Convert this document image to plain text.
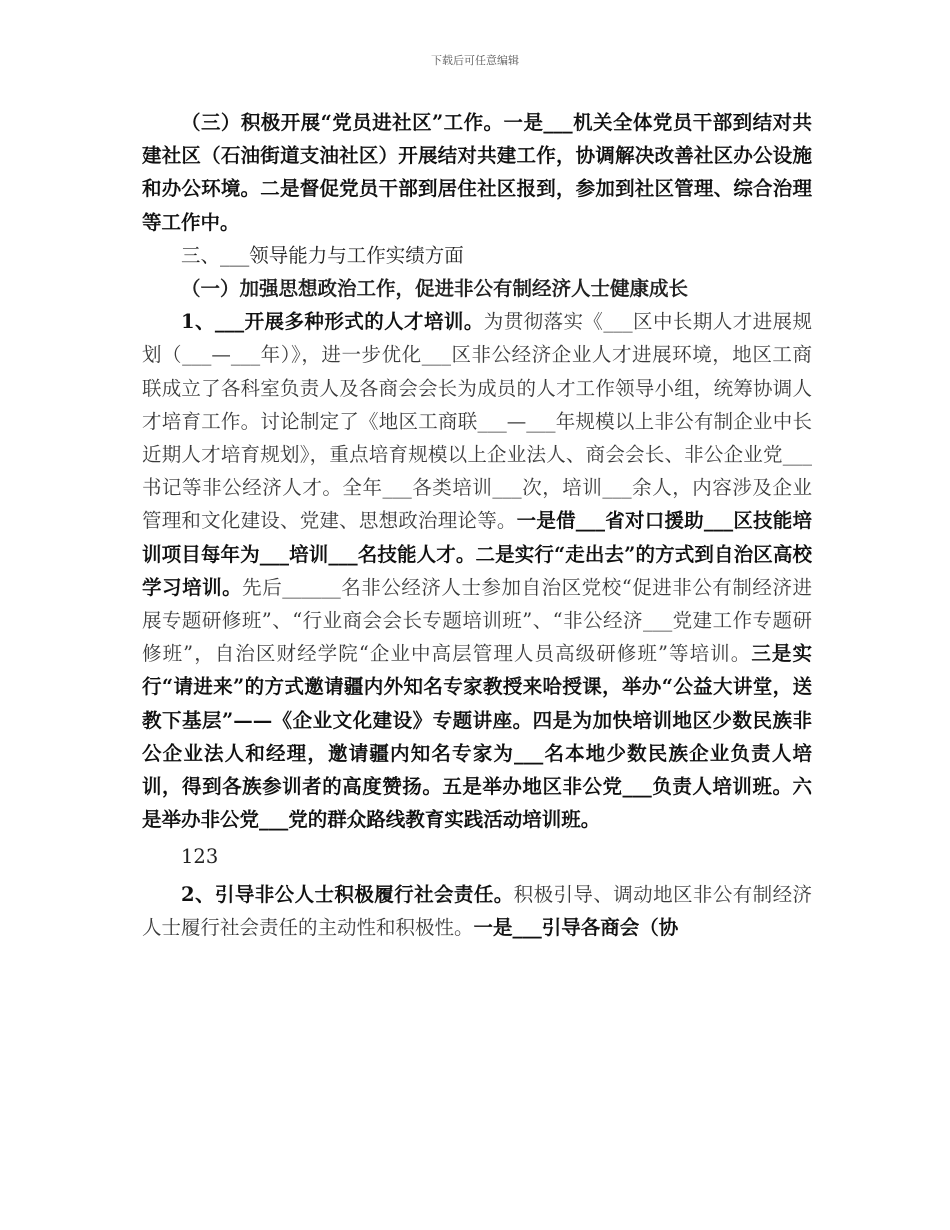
下载后可任意编辑

（三）积极开展“党员进社区”工作。一是___机关全体党员干部到结对共建社区（石油街道支油社区）开展结对共建工作，协调解决改善社区办公设施和办公环境。二是督促党员干部到居住社区报到，参加到社区管理、综合治理等工作中。

三、___领导能力与工作实绩方面

（一）加强思想政治工作，促进非公有制经济人士健康成长

1、___开展多种形式的人才培训。为贯彻落实《___区中长期人才进展规划（___—___年）》，进一步优化___区非公经济企业人才进展环境，地区工商联成立了各科室负责人及各商会会长为成员的人才工作领导小组，统筹协调人才培育工作。讨论制定了《地区工商联___—___年规模以上非公有制企业中长近期人才培育规划》，重点培育规模以上企业法人、商会会长、非公企业党___书记等非公经济人才。全年___各类培训___次，培训___余人，内容涉及企业管理和文化建设、党建、思想政治理论等。一是借___省对口援助___区技能培训项目每年为___培训___名技能人才。二是实行“走出去”的方式到自治区高校学习培训。先后______名非公经济人士参加自治区党校“促进非公有制经济进展专题研修班”、“行业商会会长专题培训班”、“非公经济___党建工作专题研修班”，自治区财经学院“企业中高层管理人员高级研修班”等培训。三是实行“请进来”的方式邀请疆内外知名专家教授来哈授课，举办“公益大讲堂，送教下基层”——《企业文化建设》专题讲座。四是为加快培训地区少数民族非公企业法人和经理，邀请疆内知名专家为___名本地少数民族企业负责人培训，得到各族参训者的高度赞扬。五是举办地区非公党___负责人培训班。六是举办非公党___党的群众路线教育实践活动培训班。

123

2、引导非公人士积极履行社会责任。积极引导、调动地区非公有制经济人士履行社会责任的主动性和积极性。一是___引导各商会（协
